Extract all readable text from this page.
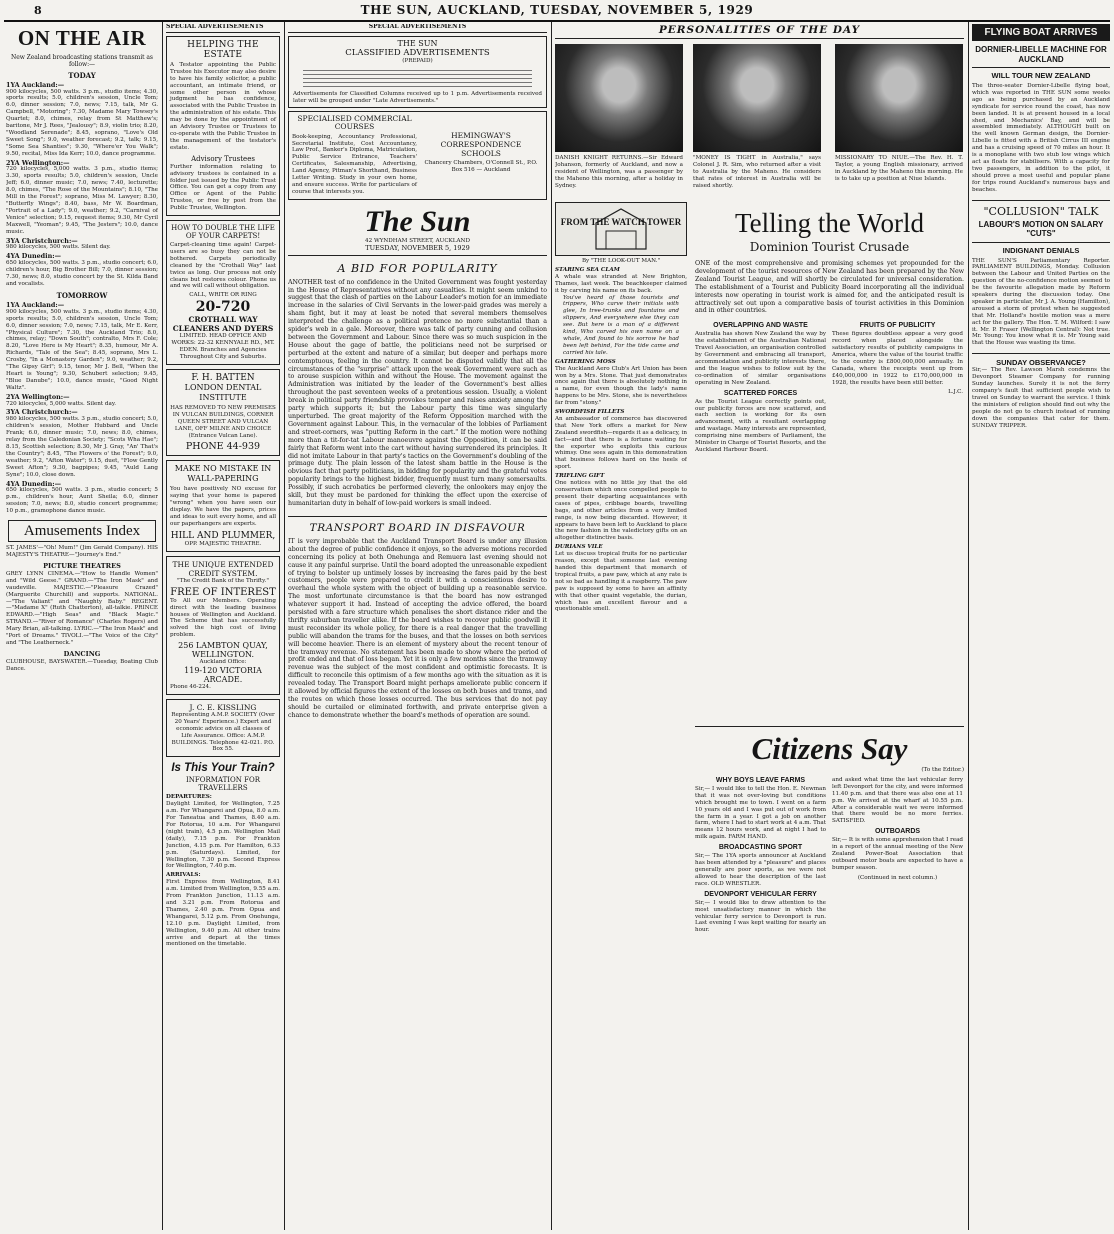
8	THE SUN, AUCKLAND, TUESDAY, NOVEMBER 5, 1929
ON THE AIR

New Zealand broadcasting stations transmit as follow:—

TODAY

1YA Auckland:—

900 kilocycles, 500 watts. 3 p.m., studio items; 4.30, sports results; 5.0, children's session, Uncle Tom; 6.0, dinner session; 7.0, news; 7.15, talk, Mr G. Campbell, "Motoring"; 7.30, Madame Mary Towsey's Quartet; 8.0, chimes, relay from St Matthew's; baritone, Mr J. Rees, "Jealousy"; 8.9, violin trio; 8.20, "Woodland Serenade"; 8.45, soprano, "Love's Old Sweet Song"; 9.0, weather forecast; 9.2, talk; 9.15, "Some Sea Shanties"; 9.30, "Where'er You Walk"; 9.50, recital, Miss Ida Kerr; 10.0, dance programme.

2YA Wellington:—

720 kilocycles, 5,000 watts. 3 p.m., studio items; 3.30, sports results; 5.0, children's session, Uncle Jeff; 6.0, dinner music; 7.0, news; 7.40, lecturette; 8.0, chimes, "The Rose of the Mountains"; 8.10, "The Mill in the Forest"; soprano, Miss M. Lawyer; 8.30, "Butterfly Wings"; 8.40, bass, Mr W. Boardman, "Portrait of a Lady"; 9.0, weather; 9.2, "Carnival of Venice" selection; 9.15, request items; 9.30, Mr Cyril Maxwell, "Yeoman"; 9.45, "The Jesters"; 10.0, dance music.

3YA Christchurch:—

980 kilocycles, 500 watts. Silent day.

4YA Dunedin:—

650 kilocycles, 500 watts. 3 p.m., studio concert; 6.0, children's hour, Big Brother Bill; 7.0, dinner session; 7.30, news; 8.0, studio concert by the St. Kilda Band and vocalists.

TOMORROW

1YA Auckland:—

900 kilocycles, 500 watts. 3 p.m., studio items; 4.30, sports results; 5.0, children's session, Uncle Tom; 6.0, dinner session; 7.0, news; 7.15, talk, Mr E. Kerr, "Physical Culture"; 7.30, the Auckland Trio; 8.0, chimes, relay; "Down South"; contralto, Mrs F. Cole; 8.20, "Love Here is My Heart"; 8.35, humour, Mr A. Richards, "Tale of the Sea"; 8.45, soprano, Mrs L. Crosby, "In a Monastery Garden"; 9.0, weather; 9.2, "The Gipsy Girl"; 9.15, tenor, Mr J. Bell, "When the Heart is Young"; 9.30, Schubert selection; 9.45, "Blue Danube"; 10.0, dance music, "Good Night Waltz".

2YA Wellington:—

720 kilocycles, 5,000 watts. Silent day.

3YA Christchurch:—

980 kilocycles, 500 watts. 3 p.m., studio concert; 5.0, children's session, Mother Hubbard and Uncle Frank; 6.0, dinner music; 7.0, news; 8.0, chimes, relay from the Caledonian Society; "Scots Wha Hae"; 8.15, Scottish selection; 8.30, Mr J. Gray, "An' That's the Country"; 8.45, "The Flowers o' the Forest"; 9.0, weather; 9.2, "Afton Water"; 9.15, duet, "Flow Gently Sweet Afton"; 9.30, bagpipes; 9.45, "Auld Lang Syne"; 10.0, close down.

4YA Dunedin:—

650 kilocycles, 500 watts. 3 p.m., studio concert; 5 p.m., children's hour, Aunt Sheila; 6.0, dinner session; 7.0, news; 8.0, studio concert programme; 10 p.m., gramophone dance music.

Amusements Index

ST. JAMES'—"Oh! Mum!" (Jim Gerald Company). HIS MAJESTY'S THEATRE—"Journey's End."

PICTURE THEATRES

GREY LYNN CINEMA.—"How to Handle Women" and "Wild Geese." GRAND.—"The Iron Mask" and vaudeville. MAJESTIC.—"Pleasure Crazed" (Marguerite Churchill) and supports. NATIONAL.—"The Valiant" and "Naughty Baby." REGENT.—"Madame X" (Ruth Chatterton), all-talkie. PRINCE EDWARD.—"High Seas" and "Black Magic." STRAND.—"River of Romance" (Charles Rogers) and Mary Brian, all-talking. LYRIC.—"The Iron Mask" and "Port of Dreams." TIVOLI.—"The Voice of the City" and "The Leatherneck."

DANCING

CLUBHOUSE, BAYSWATER.—Tuesday, Boating Club Dance.

SPECIAL ADVERTISEMENTS

HELPING THE ESTATE

A Testator appointing the Public Trustee his Executor may also desire to have his family solicitor, a public accountant, an intimate friend, or some other person in whose judgment he has confidence, associated with the Public Trustee in the administration of his estate. This may be done by the appointment of an Advisory Trustee or Trustees to co-operate with the Public Trustee in the management of the testator's estate.

Advisory Trustees

Further information relating to advisory trustees is contained in a folder just issued by the Public Trust Office. You can get a copy from any Office or Agent of the Public Trustee, or free by post from the Public Trustee, Wellington.

HOW TO DOUBLE THE LIFE OF YOUR CARPETS!

Carpet-cleaning time again! Carpet-users are so busy they can not be bothered. Carpets periodically cleaned by the "Crothall Way" last twice as long. Our process not only cleans but restores colour. Phone us and we will call without obligation.

CALL, WRITE OR RING

20-720

CROTHALL WAY CLEANERS AND DYERS

LIMITED. HEAD OFFICE AND WORKS: 22-32 KENNYALE RD., MT. EDEN. Branches and Agencies Throughout City and Suburbs.

F. H. BATTEN

LONDON DENTAL INSTITUTE

HAS REMOVED TO NEW PREMISES IN VULCAN BUILDINGS, CORNER QUEEN STREET AND VULCAN LANE, OFF MILNE AND CHOICE (Entrance Vulcan Lane).

PHONE 44-939

MAKE NO MISTAKE IN WALL-PAPERING

You have positively NO excuse for saying that your home is papered "wrong" when you have seen our display. We have the papers, prices and ideas to suit every home, and all our paperhangers are experts.

HILL AND PLUMMER,

OPP. MAJESTIC THEATRE.

THE UNIQUE EXTENDED CREDIT SYSTEM.

"The Credit Bank of the Thrifty."

FREE OF INTEREST

To All our Members. Operating direct with the leading business houses of Wellington and Auckland. The Scheme that has successfully solved the high cost of living problem.

256 LAMBTON QUAY, WELLINGTON.

Auckland Office:

119-120 VICTORIA ARCADE.

Phone 46-224.

J. C. E. KISSLING

Representing A.M.P. SOCIETY (Over 20 Years' Experience.) Expert and economic advice on all classes of Life Assurance. Office: A.M.P. BUILDINGS. Telephone 42-021. P.O. Box 55.

Is This Your Train?

INFORMATION FOR TRAVELLERS

DEPARTURES:

Daylight Limited, for Wellington, 7.25 a.m. For Whangarei and Opua, 8.0 a.m. For Taneatua and Thames, 8.40 a.m. For Rotorua, 10 a.m. For Whangarei (night train), 4.5 p.m. Wellington Mail (daily), 7.15 p.m. For Frankton Junction, 4.15 p.m. For Hamilton, 6.33 p.m. (Saturdays). Limited, for Wellington, 7.30 p.m. Second Express for Wellington, 7.40 p.m.

ARRIVALS:

First Express from Wellington, 8.41 a.m. Limited from Wellington, 9.55 a.m. From Frankton Junction, 11.13 a.m. and 3.21 p.m. From Rotorua and Thames, 2.40 p.m. From Opua and Whangarei, 5.12 p.m. From Onehunga, 12.10 p.m. Daylight Limited, from Wellington, 9.40 p.m. All other trains arrive and depart at the times mentioned on the timetable.

SPECIAL ADVERTISEMENTS

THE SUN

CLASSIFIED ADVERTISEMENTS

(PREPAID)

Advertisements for Classified Columns received up to 1 p.m. Advertisements received later will be grouped under "Late Advertisements."

SPECIALISED COMMERCIAL COURSES

Book-keeping, Accountancy Professional, Secretarial Institute, Cost Accountancy, Law Prof., Banker's Diploma, Matriculation, Public Service Entrance, Teachers' Certificates, Salesmanship, Advertising, Land Agency, Pitman's Shorthand, Business Letter Writing. Study in your own home, and ensure success. Write for particulars of course that interests you.

HEMINGWAY'S CORRESPONDENCE SCHOOLS

Chancery Chambers, O'Connell St., P.O. Box 516 — Auckland

The Sun

42 WYNDHAM STREET, AUCKLAND

TUESDAY, NOVEMBER 5, 1929

A BID FOR POPULARITY

ANOTHER test of no confidence in the United Government was fought yesterday in the House of Representatives without any casualties. It might seem unkind to suggest that the clash of parties on the Labour Leader's motion for an immediate increase in the salaries of Civil Servants in the lower-paid grades was merely a sham fight, but it may at least be noted that several members themselves interpreted the challenge as a political pretence no more substantial than a spider's web in a gale. Moreover, there was talk of party cunning and collusion between the Government and Labour. Since there was so much suspicion in the House about the gage of battle, the politicians need not be surprised or perturbed at the extent and nature of a similar, but deeper and perhaps more contemptuous, feeling in the country. It cannot be disputed validly that all the circumstances of the "surprise" attack upon the weak Government were such as to arouse suspicion within and without the House. The movement against the Administration was initiated by the leader of the Government's best allies throughout the past seventeen weeks of a pretentious session. Usually, a violent break in political party friendship provokes temper and raises anxiety among the party which supports it; but the Labour party this time was singularly unperturbed. The great majority of the Reform Opposition marched with the Government against Labour. This, in the vernacular of the lobbies of Parliament and street-corners, was "putting Reform in the cart." If the motion were nothing more than a tit-for-tat Labour manoeuvre against the Opposition, it can be said fairly that Reform went into the cart without having surrendered its principles. It did not imitate Labour in that party's tactics on the Government's doubling of the primage duty. The plain lesson of the latest sham battle in the House is the obvious fact that party politicians, in bidding for popularity and the grateful votes popularity brings to the highest bidder, frequently must turn many somersaults. Possibly, if such acrobatics be performed cleverly, the onlookers may enjoy the skill, but they must be pardoned for thinking the effect upon the exercise of humanitarian duty in behalf of low-paid workers is small indeed.

TRANSPORT BOARD IN DISFAVOUR

IT is very improbable that the Auckland Transport Board is under any illusion about the degree of public confidence it enjoys, so the adverse motions recorded concerning its policy at both Onehunga and Remuera last evening should not cause it any painful surprise. Until the board adopted the unreasonable expedient of trying to bolster up untimely losses by increasing the fares paid by the best customers, people were prepared to credit it with a conscientious desire to overhaul the whole system with the object of building up a reasonable service. The most unfortunate circumstance is that the board has now estranged whatever support it had. Instead of accepting the advice offered, the board persisted with a fare structure which penalises the short distance rider and the thrifty suburban traveller alike. If the board wishes to recover public goodwill it must reconsider its whole policy, for there is a real danger that the travelling public will abandon the trams for the buses, and that the losses on both services will become heavier. There is an element of mystery about the recent tenour of the tramway revenue. No statement has been made to show where the period of profit ended and that of loss began. Yet it is only a few months since the tramway revenue was the subject of the most confident and optimistic forecasts. It is difficult to reconcile this optimism of a few months ago with the situation as it is revealed today. The Transport Board might perhaps ameliorate public concern if it allowed by official figures the extent of the losses on both buses and trams, and the routes on which those losses occurred. The bus services that do not pay should be curtailed or eliminated forthwith, and private enterprise given a chance to demonstrate whether the board's methods of operation are sound.

PERSONALITIES OF THE DAY

DANISH KNIGHT RETURNS.—Sir Edward Johanson, formerly of Auckland, and now a resident of Wellington, was a passenger by the Maheno this morning, after a holiday in Sydney.

"MONEY IS TIGHT in Australia," says Colonel J. R. Sim, who returned after a visit to Australia by the Maheno. He considers that rates of interest in Australia will be raised shortly.

MISSIONARY TO NIUE.—The Rev. H. T. Taylor, a young English missionary, arrived in Auckland by the Maheno this morning. He is to take up a position at Niue Islands.

FROM THE WATCH TOWER

By "THE LOOK-OUT MAN."

STARING SEA CLAM

A whale was stranded at New Brighton, Thames, last week. The beachkeeper claimed it by carving his name on its back.

You've heard of those tourists and trippers, Who carve their initials with glee, In tree-trunks and fountains and slippers, And everywhere else they can see. But here is a man of a different kind, Who carved his own name on a whale, And found to his sorrow he had been left behind, For the tide came and carried his tale.

GATHERING MOSS

The Auckland Aero Club's Art Union has been won by a Mrs. Stone. That just demonstrates once again that there is absolutely nothing in a name, for even though the lady's name happens to be Mrs. Stone, she is nevertheless far from "stony."

SWORDFISH FILLETS

An ambassador of commerce has discovered that New York offers a market for New Zealand swordfish—regards it as a delicacy, in fact—and that there is a fortune waiting for the exporter who exploits this curious whimsy. One sees again in this demonstration that business follows hard on the heels of sport.

TRIFLING GIFT

One notices with no little joy that the old conservatism which once compelled people to present their departing acquaintances with cases of pipes, cribbage boards, travelling bags, and other articles from a very limited range, is now being discarded. However, it appears to have been left to Auckland to place the new fashion in the valedictory gifts on an altogether distinctive basis.

DURIANS VILE

Let us discuss tropical fruits for no particular reason, except that someone last evening handed this department that monarch of tropical fruits, a paw paw, which at any rate is not so bad as handling it a raspberry. The paw paw is supposed by some to have an affinity with that other quaint vegetable, the durian, which has an excellent flavour and a questionable smell.

Telling the World

Dominion Tourist Crusade

ONE of the most comprehensive and promising schemes yet propounded for the development of the tourist resources of New Zealand has been prepared by the New Zealand Tourist League, and will shortly be circulated for universal consideration. The establishment of a Tourist and Publicity Board incorporating all the individual interests now operating in tourist work is aimed for, and the anticipated result is attractively set out upon a comparative basis of tourist activities in this Dominion and in other countries.

OVERLAPPING AND WASTE

Australia has shown New Zealand the way by the establishment of the Australian National Travel Association, an organisation controlled by Government and embracing all transport, accommodation and publicity interests there, and the league wishes to follow suit by the co-ordination of similar organisations operating in New Zealand.

SCATTERED FORCES

As the Tourist League correctly points out, our publicity forces are now scattered, and each section is working for its own advancement, with a resultant overlapping and wastage. Many interests are represented, comprising nine members of Parliament, the Minister in Charge of Tourist Resorts, and the Auckland Harbour Board.

FRUITS OF PUBLICITY

These figures doubtless appear a very good record when placed alongside the satisfactory results of publicity campaigns in America, where the value of the tourist traffic to the country is £800,000,000 annually. In Canada, where the receipts went up from £40,000,000 in 1922 to £170,000,000 in 1928, the results have been still better.

L.J.C.

Citizens Say

(To the Editor.)

WHY BOYS LEAVE FARMS

Sir,— I would like to tell the Hon. E. Newman that it was not over-loving but conditions which brought me to town. I went on a farm 10 years old and I was put out of work from the farm in a year. I got a job on another farm, where I had to start work at 4 a.m. That means 12 hours work, and at night I had to milk again. FARM HAND.

BROADCASTING SPORT

Sir,— The 1YA sports announcer at Auckland has been attended by a "pleasure" and places generally are poor sports, as we were not allowed to hear the description of the last race. OLD WRESTLER.

DEVONPORT VEHICULAR FERRY

Sir,— I would like to draw attention to the most unsatisfactory manner in which the vehicular ferry service to Devonport is run. Last evening I was kept waiting for nearly an hour.

and asked what time the last vehicular ferry left Devonport for the city, and were informed 11.40 p.m. and that there was also one at 11 p.m. We arrived at the wharf at 10.55 p.m. After a considerable wait we were informed that there would be no more ferries. SATISFIED.

OUTBOARDS

Sir,— It is with some apprehension that I read in a report of the annual meeting of the New Zealand Power-Boat Association that outboard motor boats are expected to have a bumper season.

(Continued in next column.)

FLYING BOAT ARRIVES

DORNIER-LIBELLE MACHINE FOR AUCKLAND

WILL TOUR NEW ZEALAND

The three-seater Dornier-Libelle flying boat, which was reported in THE SUN some weeks ago as being purchased by an Auckland syndicate for service round the coast, has now been landed. It is at present housed in a local shed, and Mechanics' Bay, and will be assembled immediately. ALTHOUGH built on the well known German design, the Dornier-Libelle is fitted with a British Cirrus III engine and has a cruising speed of 70 miles an hour. It is a monoplane with two stub low wings which act as floats for stabilisers. With a capacity for two passengers, in addition to the pilot, it should prove a most useful and popular plane for trips round Auckland's numerous bays and beaches.

"COLLUSION" TALK

LABOUR'S MOTION ON SALARY "CUTS"

INDIGNANT DENIALS

THE SUN'S Parliamentary Reporter. PARLIAMENT BUILDINGS, Monday. Collusion between the Labour and United Parties on the question of the no-confidence motion seemed to be the favourite allegation made by Reform speakers during the discussion today. One speaker in particular, Mr J. A. Young (Hamilton), aroused a storm of protest when he suggested that Mr. Holland's hostile motion was a mere act for the gallery. The Hon. T. M. Wilford: I saw it. Mr. P. Fraser (Wellington Central): Not true. Mr. Young: You know what it is. Mr Young said that the House was wasting its time.

SUNDAY OBSERVANCE?

Sir,— The Rev. Lawson Marsh condemns the Devonport Steamer Company for running Sunday launches. Surely it is not the ferry company's fault that sufficient people wish to travel on Sunday to warrant the service. I think the ministers of religion should find out why the people do not go to church instead of running down the companies that cater for them. SUNDAY TRIPPER.
